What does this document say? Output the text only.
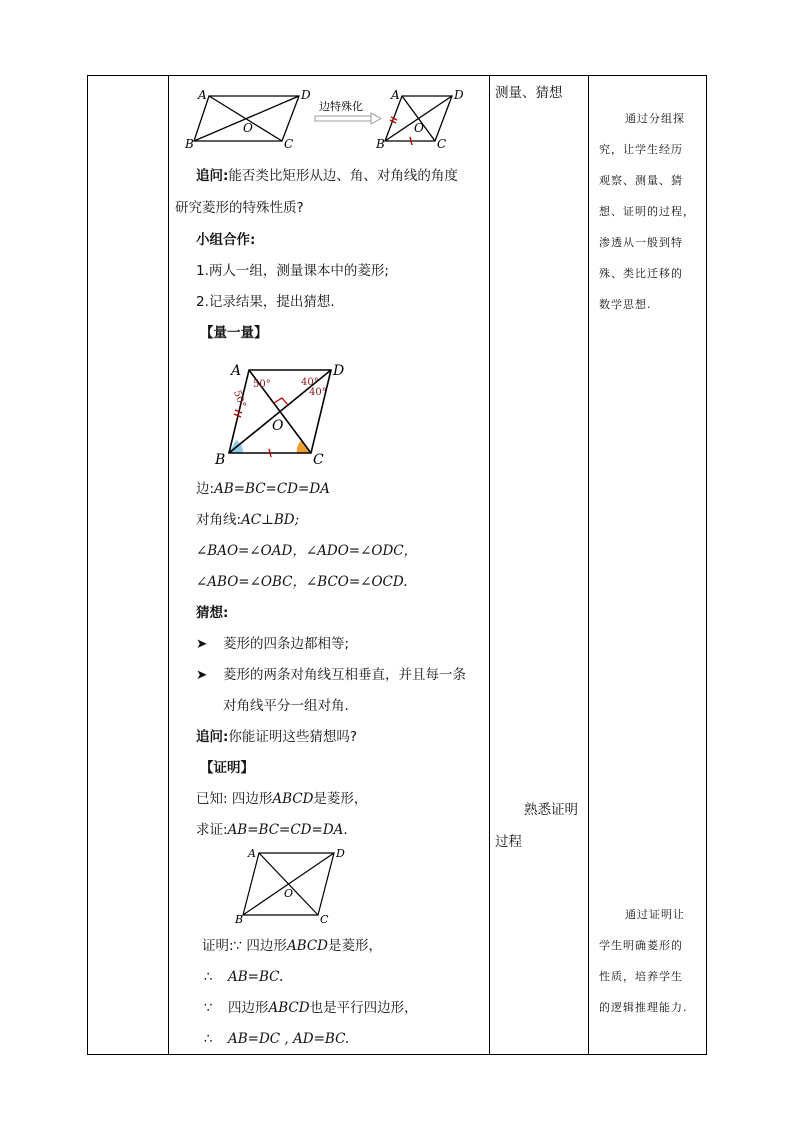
A	D
B	C
O
边特殊化
A	D
B	C
O
追问:能否类比矩形从边、角、对角线的角度
研究菱形的特殊性质?
小组合作:
1.两人一组，测量课本中的菱形;
2.记录结果，提出猜想.
【量一量】
A	D
B	C
O
50°
50°
40°
40°
边:AB=BC=CD=DA
对角线:AC⊥BD;
∠BAO=∠OAD，∠ADO=∠ODC，
∠ABO=∠OBC，∠BCO=∠OCD.
猜想:
➤ 菱形的四条边都相等;
➤ 菱形的两条对角线互相垂直，并且每一条
对角线平分一组对角.
追问:你能证明这些猜想吗?
【证明】
已知: 四边形ABCD是菱形，
求证:AB=BC=CD=DA.
A	D
B	C
O
证明:∵ 四边形ABCD是菱形，
∴ AB=BC.
∵ 四边形ABCD也是平行四边形，
∴ AB=DC , AD=BC.
测量、猜想
熟悉证明
过程
通过分组探
究，让学生经历
观察、测量、猜
想、证明的过程，
渗透从一般到特
殊、类比迁移的
数学思想.
通过证明让
学生明确菱形的
性质，培养学生
的逻辑推理能力.
